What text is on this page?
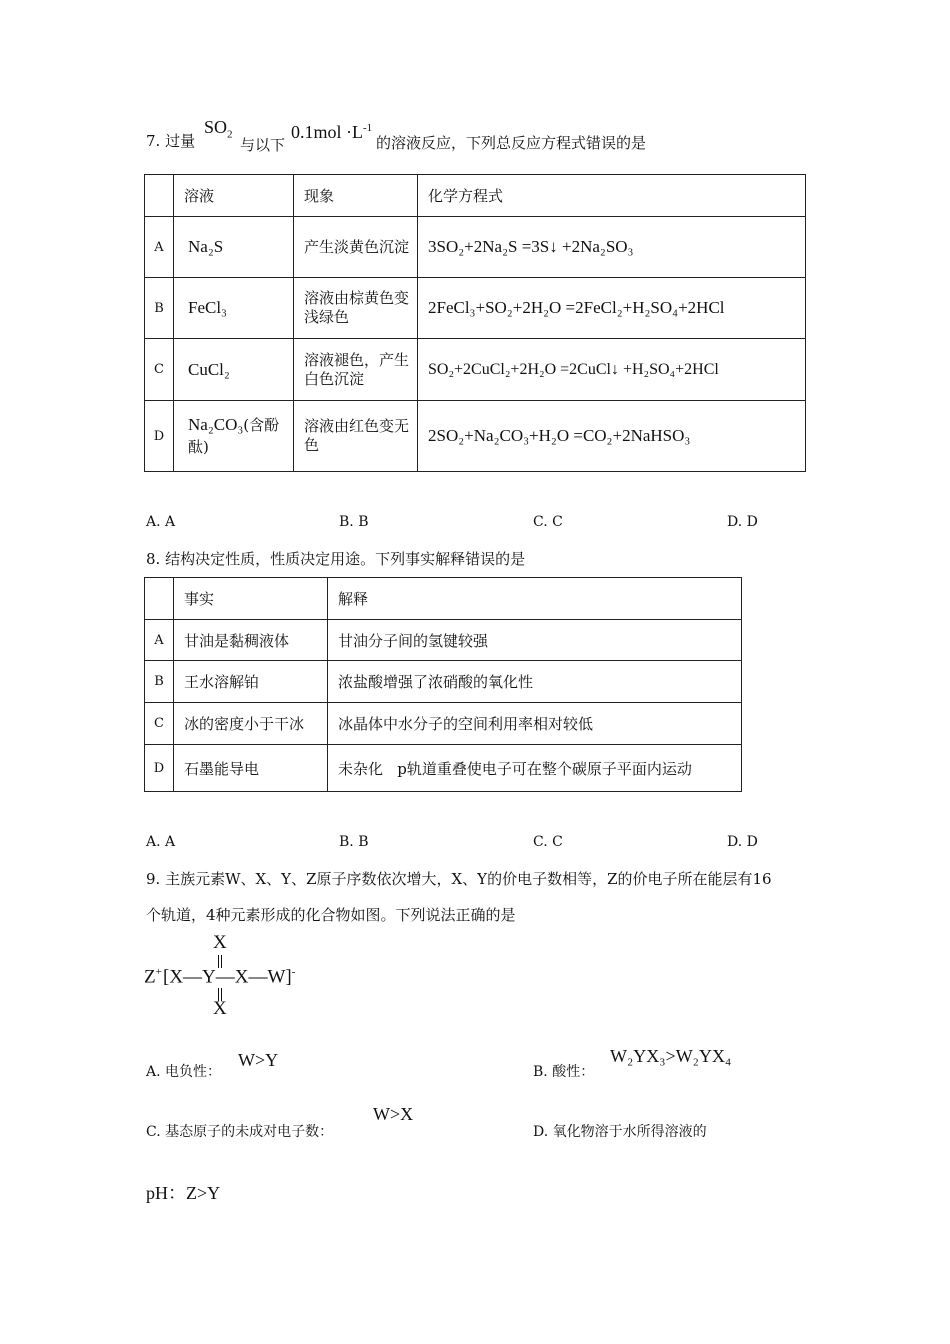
7. 过量
$SO_2$
与以下
$0.1mol \cdot L^{-1}$
的溶液反应，下列总反应方程式错误的是
	溶液	现象	化学方程式
A	Na₂S	产生淡黄色沉淀	3SO₂+2Na₂S =3S↓ +2Na₂SO₃
B	FeCl₃	溶液由棕黄色变浅绿色	2FeCl₃+SO₂+2H₂O =2FeCl₂+H₂SO₄+2HCl
C	CuCl₂	溶液褪色，产生白色沉淀	SO₂+2CuCl₂+2H₂O =2CuCl↓ +H₂SO₄+2HCl
D	Na₂CO₃(含酚酞)	溶液由红色变无色	2SO₂+Na₂CO₃+H₂O =CO₂+2NaHSO₃
A. A	B. B	C. C	D. D
8. 结构决定性质，性质决定用途。下列事实解释错误的是
	事实	解释
A	甘油是黏稠液体	甘油分子间的氢键较强
B	王水溶解铂	浓盐酸增强了浓硝酸的氧化性
C	冰的密度小于干冰	冰晶体中水分子的空间利用率相对较低
D	石墨能导电	未杂化   p轨道重叠使电子可在整个碳原子平面内运动
A. A	B. B	C. C	D. D
9. 主族元素W、X、Y、Z原子序数依次增大，X、Y的价电子数相等，Z的价电子所在能层有16
个轨道，4种元素形成的化合物如图。下列说法正确的是
X
Z+ [X—Y—X—W]-
X
A. 电负性：
W>Y
B. 酸性：
W₂YX₃>W₂YX₄
C. 基态原子的未成对电子数：
W>X
D. 氧化物溶于水所得溶液的
pH：Z>Y
